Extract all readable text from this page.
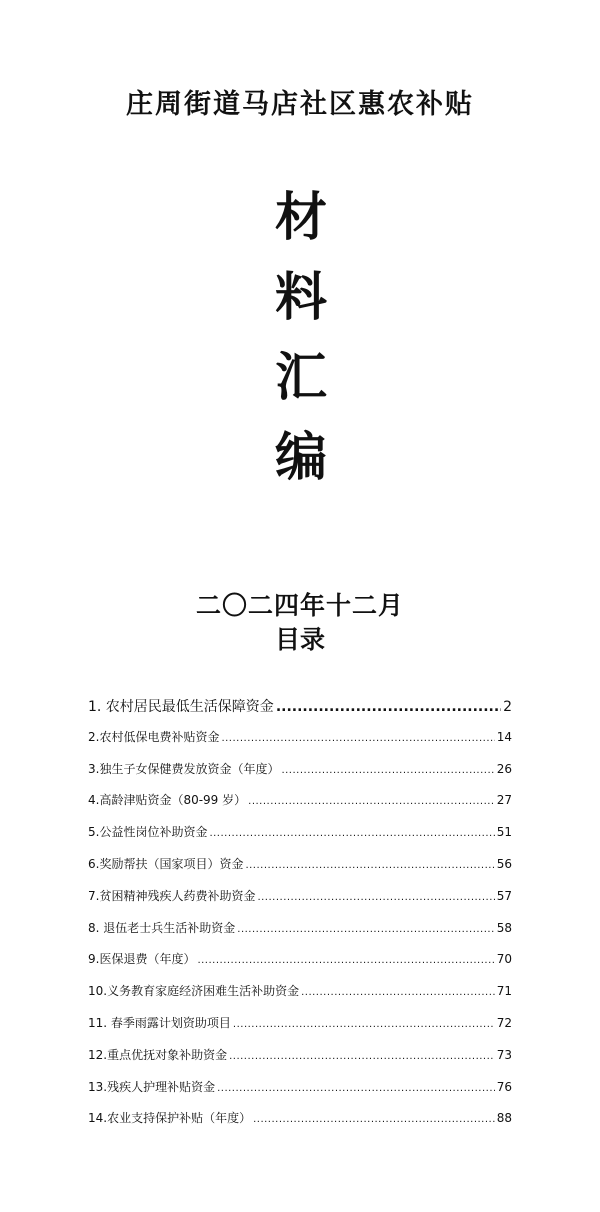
庄周街道马店社区惠农补贴
材
料
汇
编
二〇二四年十二月
目录
1. 农村居民最低生活保障资金 .....	2
2.农村低保电费补贴资金 .....	14
3.独生子女保健费发放资金（年度） .....	26
4.高龄津贴资金（80-99 岁） .....	27
5.公益性岗位补助资金 .....	51
6.奖励帮扶（国家项目）资金 .....	56
7.贫困精神残疾人药费补助资金 .....	57
8. 退伍老士兵生活补助资金 .....	58
9.医保退费（年度） .....	70
10.义务教育家庭经济困难生活补助资金 .....	71
11. 春季雨露计划资助项目 .....	72
12.重点优抚对象补助资金 .....	73
13.残疾人护理补贴资金 .....	76
14.农业支持保护补贴（年度） .....	88
